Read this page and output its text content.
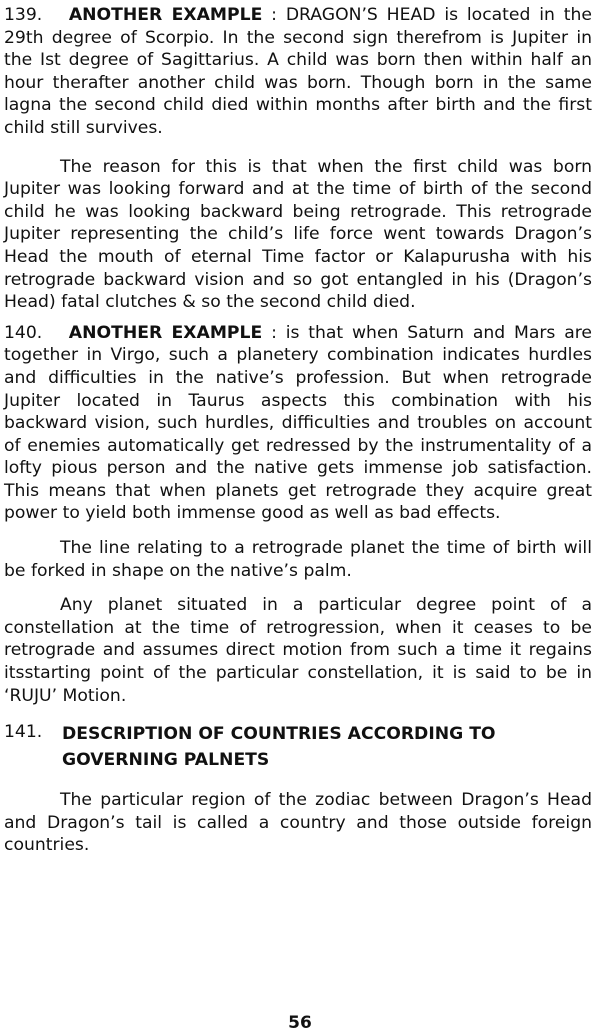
139. ANOTHER EXAMPLE : DRAGON’S HEAD is located in the 29th degree of Scorpio. In the second sign therefrom is Jupiter in the Ist degree of Sagittarius. A child was born then within half an hour therafter another child was born. Though born in the same lagna the second child died within months after birth and the first child still survives.

The reason for this is that when the first child was born Jupiter was looking forward and at the time of birth of the second child he was looking backward being retrograde. This retrograde Jupiter representing the child’s life force went towards Dragon’s Head the mouth of eternal Time factor or Kalapurusha with his retrograde backward vision and so got entangled in his (Dragon’s Head) fatal clutches & so the second child died.

140. ANOTHER EXAMPLE : is that when Saturn and Mars are together in Virgo, such a planetery combination indicates hurdles and difficulties in the native’s profession. But when retrograde Jupiter located in Taurus aspects this combination with his backward vision, such hurdles, difficulties and troubles on account of enemies automatically get redressed by the instrumentality of a lofty pious person and the native gets immense job satisfaction. This means that when planets get retrograde they acquire great power to yield both immense good as well as bad effects.

The line relating to a retrograde planet the time of birth will be forked in shape on the native’s palm.

Any planet situated in a particular degree point of a constellation at the time of retrogression, when it ceases to be retrograde and assumes direct motion from such a time it regains itsstarting point of the particular constellation, it is said to be in ‘RUJU’ Motion.

141.	DESCRIPTION OF COUNTRIES ACCORDING TO GOVERNING PALNETS

The particular region of the zodiac between Dragon’s Head and Dragon’s tail is called a country and those outside foreign countries.

56
